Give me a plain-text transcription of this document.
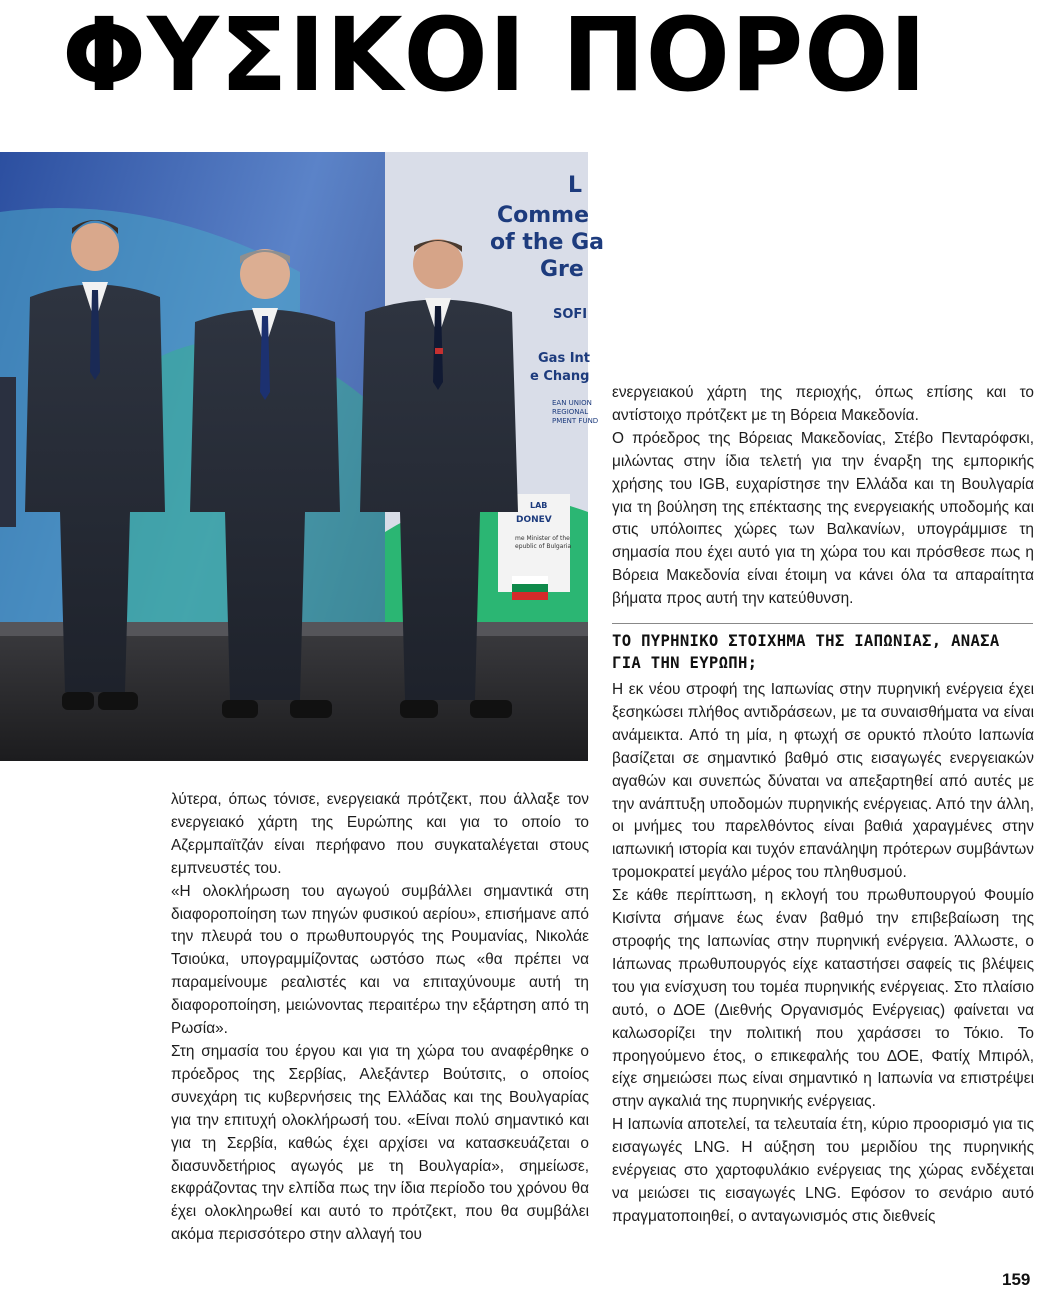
ΦΥΣΙΚΟΙ ΠΟΡΟΙ
L
Comme
of the Ga
Gre
SOFI
Gas Int
e Chang
EAN UNION
REGIONAL
PMENT FUND
LAB
DONEV
me Minister of the
epublic of Bulgaria

λύτερα, όπως τόνισε, ενεργειακά πρότζεκτ, που άλλαξε τον ενεργειακό χάρτη της Ευρώπης και για το οποίο το Αζερμπαϊτζάν είναι περήφανο που συγκαταλέγεται στους εμπνευστές του.

«Η ολοκλήρωση του αγωγού συμβάλλει σημαντικά στη διαφοροποίηση των πηγών φυσικού αερίου», επισήμανε από την πλευρά του ο πρωθυπουργός της Ρουμανίας, Νικολάε Τσιούκα, υπογραμμίζοντας ωστόσο πως «θα πρέπει να παραμείνουμε ρεαλιστές και να επιταχύνουμε αυτή τη διαφοροποίηση, μειώνοντας περαιτέρω την εξάρτηση από τη Ρωσία».

Στη σημασία του έργου και για τη χώρα του αναφέρθηκε ο πρόεδρος της Σερβίας, Αλεξάντερ Βούτσιτς, ο οποίος συνεχάρη τις κυβερνήσεις της Ελλάδας και της Βουλγαρίας για την επιτυχή ολοκλήρωσή του. «Είναι πολύ σημαντικό και για τη Σερβία, καθώς έχει αρχίσει να κατασκευάζεται ο διασυνδετήριος αγωγός με τη Βουλγαρία», σημείωσε, εκφράζοντας την ελπίδα πως την ίδια περίοδο του χρόνου θα έχει ολοκληρωθεί και αυτό το πρότζεκτ, που θα συμβάλει ακόμα περισσότερο στην αλλαγή του

ενεργειακού χάρτη της περιοχής, όπως επίσης και το αντίστοιχο πρότζεκτ με τη Βόρεια Μακεδονία.

Ο πρόεδρος της Βόρειας Μακεδονίας, Στέβο Πενταρόφσκι, μιλώντας στην ίδια τελετή για την έναρξη της εμπορικής χρήσης του IGB, ευχαρίστησε την Ελλάδα και τη Βουλγαρία για τη βούληση της επέκτασης της ενεργειακής υποδομής και στις υπόλοιπες χώρες των Βαλκανίων, υπογράμμισε τη σημασία που έχει αυτό για τη χώρα του και πρόσθεσε πως η Βόρεια Μακεδονία είναι έτοιμη να κάνει όλα τα απαραίτητα βήματα προς αυτή την κατεύθυνση.

ΤΟ ΠΥΡΗΝΙΚΟ ΣΤΟΙΧΗΜΑ ΤΗΣ ΙΑΠΩΝΙΑΣ, ΑΝΑΣΑ ΓΙΑ ΤΗΝ ΕΥΡΩΠΗ;

Η εκ νέου στροφή της Ιαπωνίας στην πυρηνική ενέργεια έχει ξεσηκώσει πλήθος αντιδράσεων, με τα συναισθήματα να είναι ανάμεικτα. Από τη μία, η φτωχή σε ορυκτό πλούτο Ιαπωνία βασίζεται σε σημαντικό βαθμό στις εισαγωγές ενεργειακών αγαθών και συνεπώς δύναται να απεξαρτηθεί από αυτές με την ανάπτυξη υποδομών πυρηνικής ενέργειας. Από την άλλη, οι μνήμες του παρελθόντος είναι βαθιά χαραγμένες στην ιαπωνική ιστορία και τυχόν επανάληψη πρότερων συμβάντων τρομοκρατεί μεγάλο μέρος του πληθυσμού.

Σε κάθε περίπτωση, η εκλογή του πρωθυπουργού Φουμίο Κισίντα σήμανε έως έναν βαθμό την επιβεβαίωση της στροφής της Ιαπωνίας στην πυρηνική ενέργεια. Άλλωστε, ο Ιάπωνας πρωθυπουργός είχε καταστήσει σαφείς τις βλέψεις του για ενίσχυση του τομέα πυρηνικής ενέργειας. Στο πλαίσιο αυτό, ο ΔΟΕ (Διεθνής Οργανισμός Ενέργειας) φαίνεται να καλωσορίζει την πολιτική που χαράσσει το Τόκιο. Το προηγούμενο έτος, ο επικεφαλής του ΔΟΕ, Φατίχ Μπιρόλ, είχε σημειώσει πως είναι σημαντικό η Ιαπωνία να επιστρέψει στην αγκαλιά της πυρηνικής ενέργειας.

Η Ιαπωνία αποτελεί, τα τελευταία έτη, κύριο προορισμό για τις εισαγωγές LNG. Η αύξηση του μεριδίου της πυρηνικής ενέργειας στο χαρτοφυλάκιο ενέργειας της χώρας ενδέχεται να μειώσει τις εισαγωγές LNG. Εφόσον το σενάριο αυτό πραγματοποιηθεί, ο ανταγωνισμός στις διεθνείς

159
